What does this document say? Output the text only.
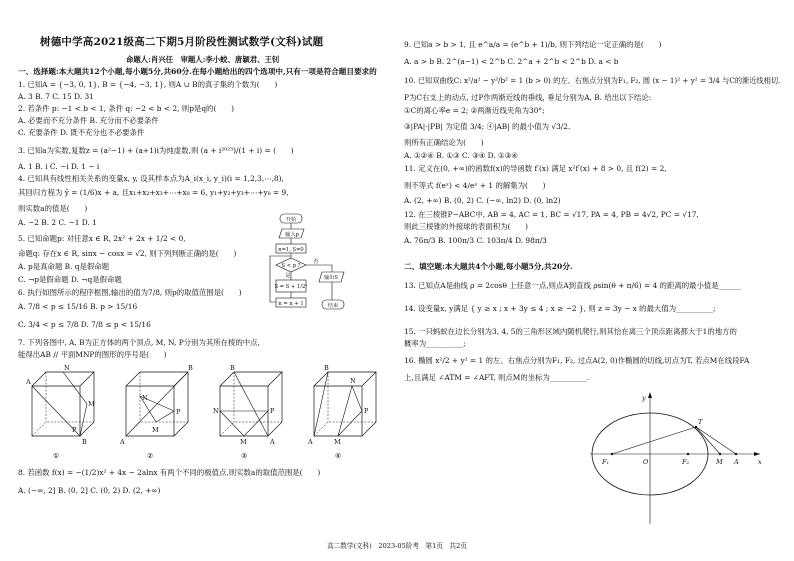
树德中学高2021级高二下期5月阶段性测试数学(文科)试题
命题人:肖兴任　审题人:李小蛟、唐颖君、王钊
一、选择题:本大题共12个小题,每小题5分,共60分.在每小题给出的四个选项中,只有一项是符合题目要求的
1. 已知A = {−3, 0, 1}, B = {−4, −3, 1}, 则A ∪ B的真子集的个数为(　　)
A. 3 B. 7 C. 15 D. 31
2. 若条件 p: −1 < b < 1, 条件 q: −2 < b < 2, 则p是q的(　　)
A. 必要而不充分条件 B. 充分而不必要条件
C. 充要条件 D. 既不充分也不必要条件
3. 已知a为实数,复数z = (a²−1) + (a+1)i为纯虚数,则 (a + i²⁰²³)/(1 + i) = (　　)
A. 1 B. i C. −i D. 1 − i
4. 已知具有线性相关关系的变量x, y, 设其样本点为A_i(x_i, y_i)(i = 1,2,3,⋯,8),
其回归方程为 ŷ = (1/6)x + a, 且x₁+x₂+x₃+⋯+x₈ = 6, y₁+y₂+y₃+⋯+y₈ = 9,
则实数a的值是(　　)
A. −2 B. 2 C. −1 D. 1
5. 已知命题p: 对任意x ∈ R, 2x² + 2x + 1/2 < 0,
命题q: 存在x ∈ R, sinx − cosx = √2, 则下列判断正确的是(　　)
A. p是真命题 B. q是假命题
C. ¬p是假命题 D. ¬q是假命题
6. 执行如图所示的程序框图,输出的值为7/8, 则p的取值范围是(　　)
A. 7/8 < p ≤ 15/16 B. p > 15/16
C. 3/4 < p ≤ 7/8 D. 7/8 ≤ p < 15/16
7. 下列各图中, A, B为正方体的两个顶点, M, N, P分别为其所在棱的中点,
能得出AB // 平面MNP的图形的序号是(　　)
8. 若函数 f(x) = −(1/2)x² + 4x − 2alnx 有两个不同的极值点,则实数a的取值范围是(　　)
A. (−∞, 2] B. (0, 2] C. (0, 2) D. (2, +∞)
开始
输入p
n=1, S=0
S < p ?
是
否
S = S + 1/2ⁿ
n = n + 1
输出S
结束
N
M
P
A
B
①
B
A
N
M
P
②
B
N
A
P
M
③
B
A	M
N
P
④
9. 已知a > b > 1, 且 e^a/a = (e^b + 1)/b, 则下列结论一定正确的是(　　)
A. a > b B. 2^(a−1) < 2^b C. 2^a + 2^b < 2^b D. a < b
10. 已知双曲线C: x²/a² − y²/b² = 1 (b > 0) 的左、右焦点分别为F₁, F₂, 圆 (x − 1)² + y² = 3/4 与C的渐近线相切.
P为C右支上的动点, 过P作两渐近线的垂线, 垂足分别为A, B. 给出以下结论:
①C的离心率e = 2; ②两渐近线夹角为30°;
③|PA|·|PB| 为定值 3/4; ④|AB| 的最小值为 √3/2.
则所有正确结论为(　　)
A. ①②④ B. ①③ C. ③④ D. ①③④
11. 定义在(0, +∞)的函数f(x)的导函数 f′(x) 满足 x²f′(x) + 8 > 0, 且 f(2) = 2,
则不等式 f(eˣ) < 4/eˣ + 1 的解集为(　　)
A. (2, +∞) B. (0, 2) C. (−∞, ln2) D. (0, ln2)
12. 在三棱锥P−ABC中, AB = 4, AC = 1, BC = √17, PA = 4, PB = 4√2, PC = √17,
则此三棱锥的外接球的表面积为(　　)
A. 76π/3 B. 100π/3 C. 103π/4 D. 98π/3
二、填空题:本大题共4个小题,每小题5分,共20分.
13. 已知点A是曲线 ρ = 2cosθ 上任意一点,则点A到直线 ρsin(θ + π/6) = 4 的距离的最小值是______
14. 设变量x, y满足 { y ≥ x ; x + 3y ≤ 4 ; x ≥ −2 }, 则 z = 3y − x 的最大值为__________;
15. 一只蚂蚁在边长分别为3, 4, 5的三角形区域内随机爬行,则其恰在离三个顶点距离都大于1的地方的
概率为__________;
16. 椭圆 x²/2 + y² = 1 的左、右焦点分别为F₁, F₂, 过点A(2, 0)作椭圆的切线,切点为T, 若点M在线段FA
上,且满足 ∠ATM = ∠AFT, 则点M的坐标为__________.
y
x
F₁	O	F₂	M A
T
高二数学(文科)　2023-05阶考　第1页　共2页
